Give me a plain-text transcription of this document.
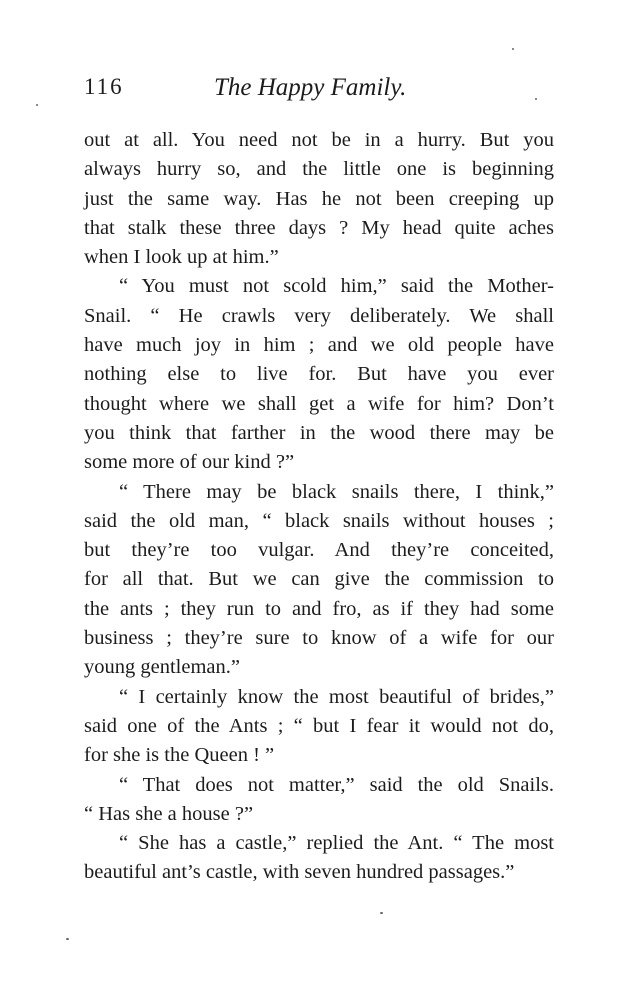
116	The Happy Family.
out at all. You need not be in a hurry. But you
always hurry so, and the little one is beginning
just the same way. Has he not been creeping up
that stalk these three days ? My head quite aches
when I look up at him.”
“ You must not scold him,” said the Mother-
Snail. “ He crawls very deliberately. We shall
have much joy in him ; and we old people have
nothing else to live for. But have you ever
thought where we shall get a wife for him? Don’t
you think that farther in the wood there may be
some more of our kind ?”
“ There may be black snails there, I think,”
said the old man, “ black snails without houses ;
but they’re too vulgar. And they’re conceited,
for all that. But we can give the commission to
the ants ; they run to and fro, as if they had some
business ; they’re sure to know of a wife for our
young gentleman.”
“ I certainly know the most beautiful of brides,”
said one of the Ants ; “ but I fear it would not do,
for she is the Queen ! ”
“ That does not matter,” said the old Snails.
“ Has she a house ?”
“ She has a castle,” replied the Ant. “ The most
beautiful ant’s castle, with seven hundred passages.”
